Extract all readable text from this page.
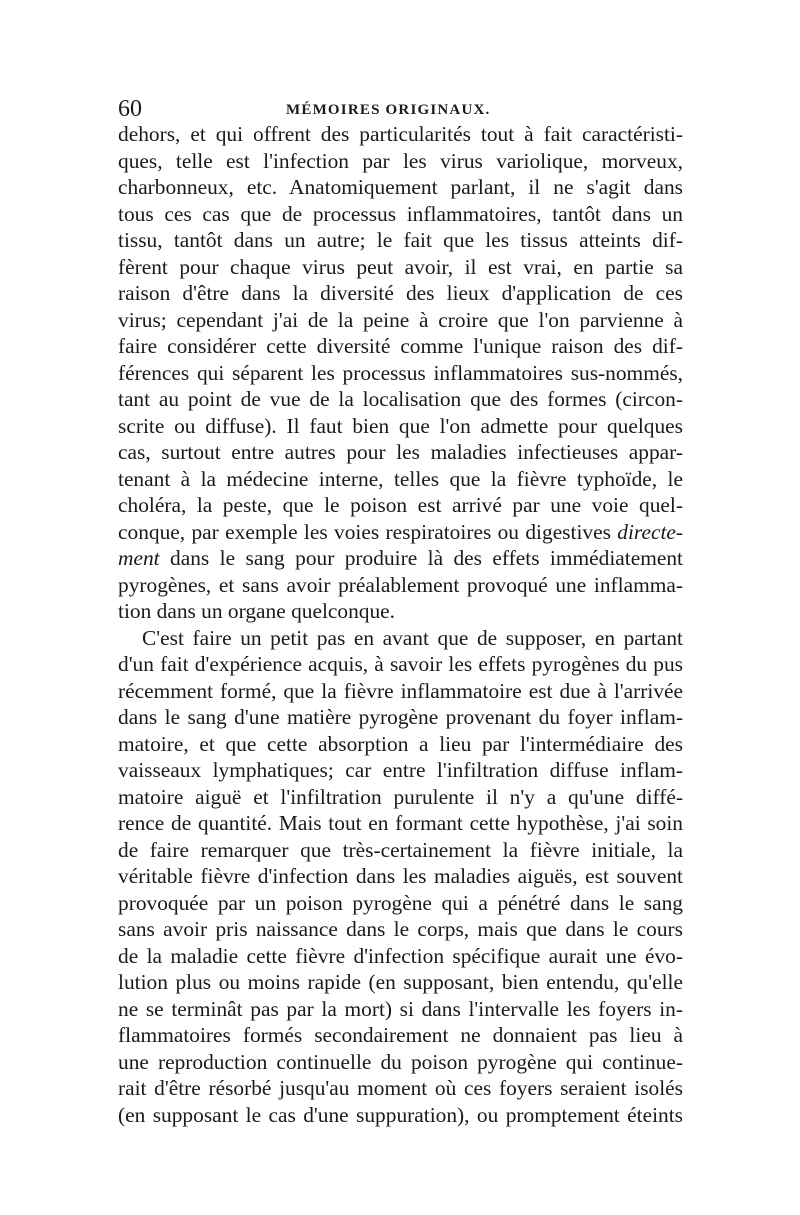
60	MÉMOIRES ORIGINAUX.
dehors, et qui offrent des particularités tout à fait caractéristi-
ques, telle est l'infection par les virus variolique, morveux,
charbonneux, etc. Anatomiquement parlant, il ne s'agit dans
tous ces cas que de processus inflammatoires, tantôt dans un
tissu, tantôt dans un autre; le fait que les tissus atteints dif-
fèrent pour chaque virus peut avoir, il est vrai, en partie sa
raison d'être dans la diversité des lieux d'application de ces
virus; cependant j'ai de la peine à croire que l'on parvienne à
faire considérer cette diversité comme l'unique raison des dif-
férences qui séparent les processus inflammatoires sus-nommés,
tant au point de vue de la localisation que des formes (circon-
scrite ou diffuse). Il faut bien que l'on admette pour quelques
cas, surtout entre autres pour les maladies infectieuses appar-
tenant à la médecine interne, telles que la fièvre typhoïde, le
choléra, la peste, que le poison est arrivé par une voie quel-
conque, par exemple les voies respiratoires ou digestives directe-
ment dans le sang pour produire là des effets immédiatement
pyrogènes, et sans avoir préalablement provoqué une inflamma-
tion dans un organe quelconque.
C'est faire un petit pas en avant que de supposer, en partant
d'un fait d'expérience acquis, à savoir les effets pyrogènes du pus
récemment formé, que la fièvre inflammatoire est due à l'arrivée
dans le sang d'une matière pyrogène provenant du foyer inflam-
matoire, et que cette absorption a lieu par l'intermédiaire des
vaisseaux lymphatiques; car entre l'infiltration diffuse inflam-
matoire aiguë et l'infiltration purulente il n'y a qu'une diffé-
rence de quantité. Mais tout en formant cette hypothèse, j'ai soin
de faire remarquer que très-certainement la fièvre initiale, la
véritable fièvre d'infection dans les maladies aiguës, est souvent
provoquée par un poison pyrogène qui a pénétré dans le sang
sans avoir pris naissance dans le corps, mais que dans le cours
de la maladie cette fièvre d'infection spécifique aurait une évo-
lution plus ou moins rapide (en supposant, bien entendu, qu'elle
ne se terminât pas par la mort) si dans l'intervalle les foyers in-
flammatoires formés secondairement ne donnaient pas lieu à
une reproduction continuelle du poison pyrogène qui continue-
rait d'être résorbé jusqu'au moment où ces foyers seraient isolés
(en supposant le cas d'une suppuration), ou promptement éteints
